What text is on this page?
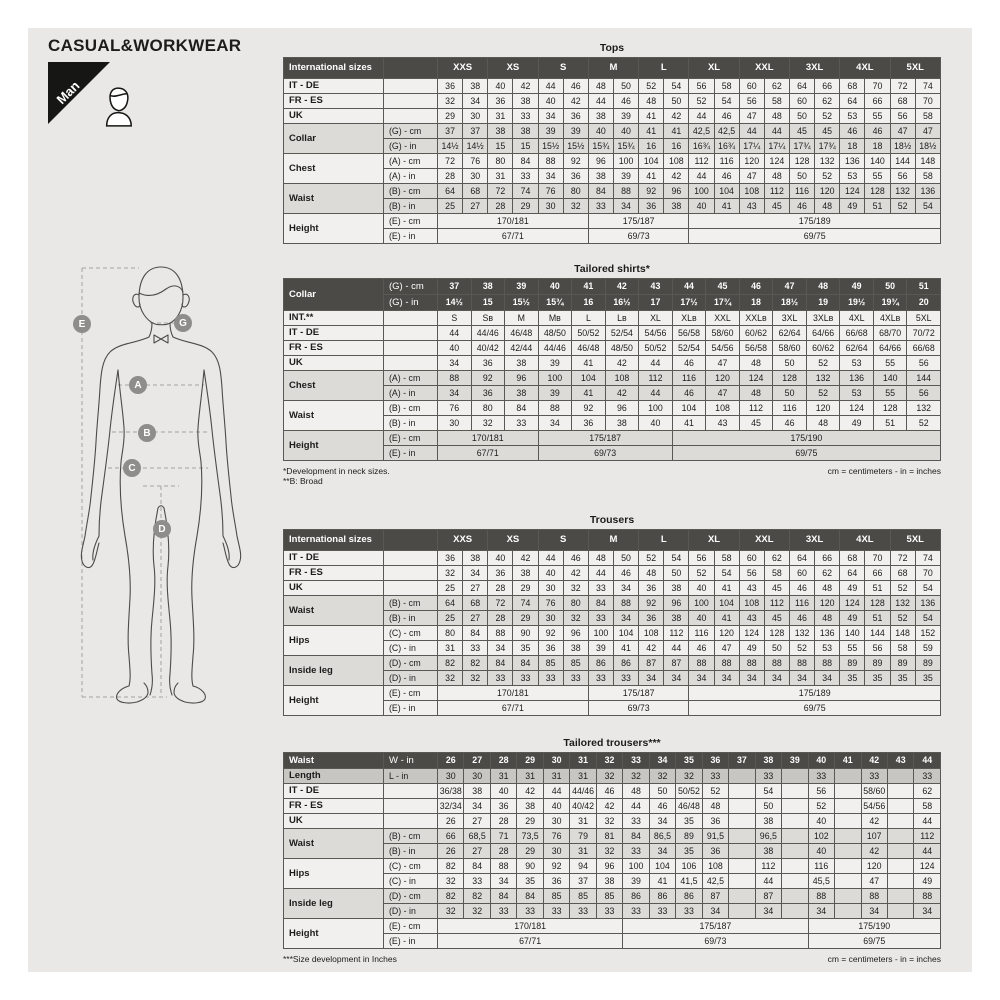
CASUAL&WORKWEAR
Man
E	G
A
B
C
D
Tops
International sizes		XXS		XS		S		M		L		XL		XXL		3XL		4XL		5XL	
IT - DE		36	38	40	42	44	46	48	50	52	54	56	58	60	62	64	66	68	70	72	74
FR - ES		32	34	36	38	40	42	44	46	48	50	52	54	56	58	60	62	64	66	68	70
UK		29	30	31	33	34	36	38	39	41	42	44	46	47	48	50	52	53	55	56	58
Collar	(G) - cm	37	37	38	38	39	39	40	40	41	41	42,5	42,5	44	44	45	45	46	46	47	47
	(G) - in	14½	14½	15	15	15½	15½	15¾	15¾	16	16	16¾	16¾	17¼	17¼	17¾	17¾	18	18	18½	18½
Chest	(A) - cm	72	76	80	84	88	92	96	100	104	108	112	116	120	124	128	132	136	140	144	148
	(A) - in	28	30	31	33	34	36	38	39	41	42	44	46	47	48	50	52	53	55	56	58
Waist	(B) - cm	64	68	72	74	76	80	84	88	92	96	100	104	108	112	116	120	124	128	132	136
	(B) - in	25	27	28	29	30	32	33	34	36	38	40	41	43	45	46	48	49	51	52	54
Height	(E) - cm	170/181						175/187				175/189									
	(E) - in	67/71						69/73				69/75									
Tailored shirts*
Collar	(G) - cm	37	38	39	40	41	42	43	44	45	46	47	48	49	50	51
	(G) - in	14½	15	15½	15¾	16	16½	17	17½	17¾	18	18½	19	19½	19¾	20
INT.**		S	Sʙ	M	Mʙ	L	Lʙ	XL	XLʙ	XXL	XXLʙ	3XL	3XLʙ	4XL	4XLʙ	5XL
IT - DE		44	44/46	46/48	48/50	50/52	52/54	54/56	56/58	58/60	60/62	62/64	64/66	66/68	68/70	70/72
FR - ES		40	40/42	42/44	44/46	46/48	48/50	50/52	52/54	54/56	56/58	58/60	60/62	62/64	64/66	66/68
UK		34	36	38	39	41	42	44	46	47	48	50	52	53	55	56
Chest	(A) - cm	88	92	96	100	104	108	112	116	120	124	128	132	136	140	144
	(A) - in	34	36	38	39	41	42	44	46	47	48	50	52	53	55	56
Waist	(B) - cm	76	80	84	88	92	96	100	104	108	112	116	120	124	128	132
	(B) - in	30	32	33	34	36	38	40	41	43	45	46	48	49	51	52
Height	(E) - cm	170/181			175/187				175/190							
	(E) - in	67/71			69/73				69/75							
*Development in neck sizes.
**B: Broad
cm = centimeters - in = inches
Trousers
International sizes		XXS		XS		S		M		L		XL		XXL		3XL		4XL		5XL	
IT - DE		36	38	40	42	44	46	48	50	52	54	56	58	60	62	64	66	68	70	72	74
FR - ES		32	34	36	38	40	42	44	46	48	50	52	54	56	58	60	62	64	66	68	70
UK		25	27	28	29	30	32	33	34	36	38	40	41	43	45	46	48	49	51	52	54
Waist	(B) - cm	64	68	72	74	76	80	84	88	92	96	100	104	108	112	116	120	124	128	132	136
	(B) - in	25	27	28	29	30	32	33	34	36	38	40	41	43	45	46	48	49	51	52	54
Hips	(C) - cm	80	84	88	90	92	96	100	104	108	112	116	120	124	128	132	136	140	144	148	152
	(C) - in	31	33	34	35	36	38	39	41	42	44	46	47	49	50	52	53	55	56	58	59
Inside leg	(D) - cm	82	82	84	84	85	85	86	86	87	87	88	88	88	88	88	88	89	89	89	89
	(D) - in	32	32	33	33	33	33	33	33	34	34	34	34	34	34	34	34	35	35	35	35
Height	(E) - cm	170/181						175/187				175/189									
	(E) - in	67/71						69/73				69/75									
Tailored trousers***
Waist	W - in	26	27	28	29	30	31	32	33	34	35	36	37	38	39	40	41	42	43	44
Length	L - in	30	30	31	31	31	31	32	32	32	32	33		33		33		33		33
IT - DE		36/38	38	40	42	44	44/46	46	48	50	50/52	52		54		56		58/60		62
FR - ES		32/34	34	36	38	40	40/42	42	44	46	46/48	48		50		52		54/56		58
UK		26	27	28	29	30	31	32	33	34	35	36		38		40		42		44
Waist	(B) - cm	66	68,5	71	73,5	76	79	81	84	86,5	89	91,5		96,5		102		107		112
	(B) - in	26	27	28	29	30	31	32	33	34	35	36		38		40		42		44
Hips	(C) - cm	82	84	88	90	92	94	96	100	104	106	108		112		116		120		124
	(C) - in	32	33	34	35	36	37	38	39	41	41,5	42,5		44		45,5		47		49
Inside leg	(D) - cm	82	82	84	84	85	85	85	86	86	86	87		87		88		88		88
	(D) - in	32	32	33	33	33	33	33	33	33	33	34		34		34		34		34
Height	(E) - cm	170/181							175/187							175/190				
	(E) - in	67/71							69/73							69/75				
***Size development in Inches	cm = centimeters - in = inches
